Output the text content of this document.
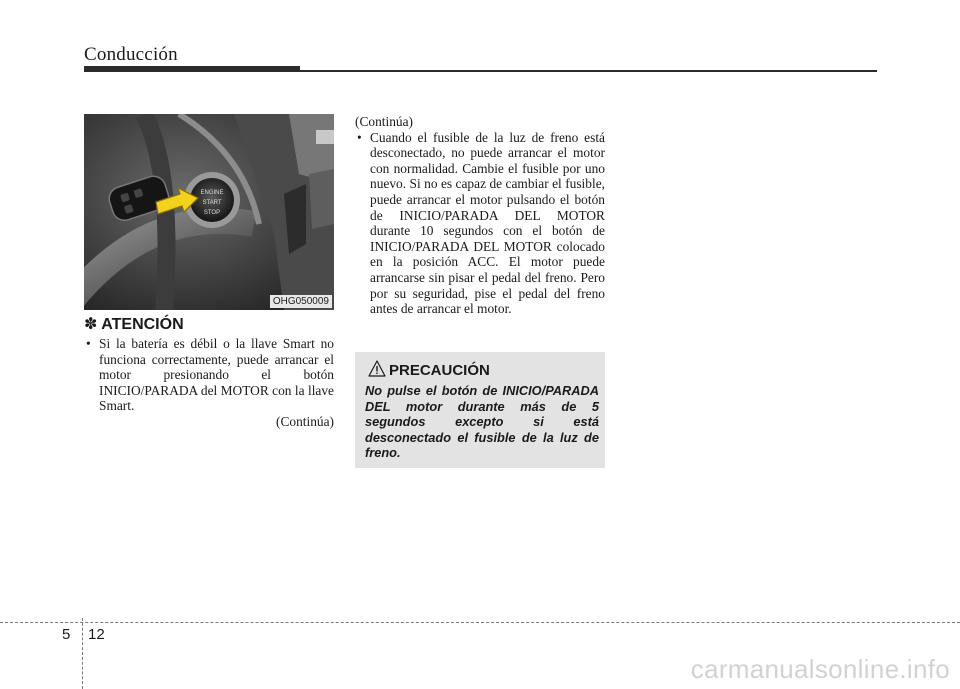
Conducción
ENGINE
START
STOP
OHG050009
✽ ATENCIÓN
• Si la batería es débil o la llave Smart no funciona correctamente, puede arrancar el motor presionando el botón INICIO/PARADA del MOTOR con la llave Smart.
(Continúa)
(Continúa)
• Cuando el fusible de la luz de freno está desconectado, no puede arrancar el motor con normalidad. Cambie el fusible por uno nuevo. Si no es capaz de cambiar el fusible, puede arrancar el motor pulsando el botón de INICIO/PARADA DEL MOTOR durante 10 segundos con el botón de INICIO/PARADA DEL MOTOR colocado en la posición ACC. El motor puede arrancarse sin pisar el pedal del freno. Pero por su seguridad, pise el pedal del freno antes de arrancar el motor.
PRECAUCIÓN
No pulse el botón de INICIO/PARADA DEL motor durante más de 5 segundos excepto si está desconectado el fusible de la luz de freno.
5 12
carmanualsonline.info
